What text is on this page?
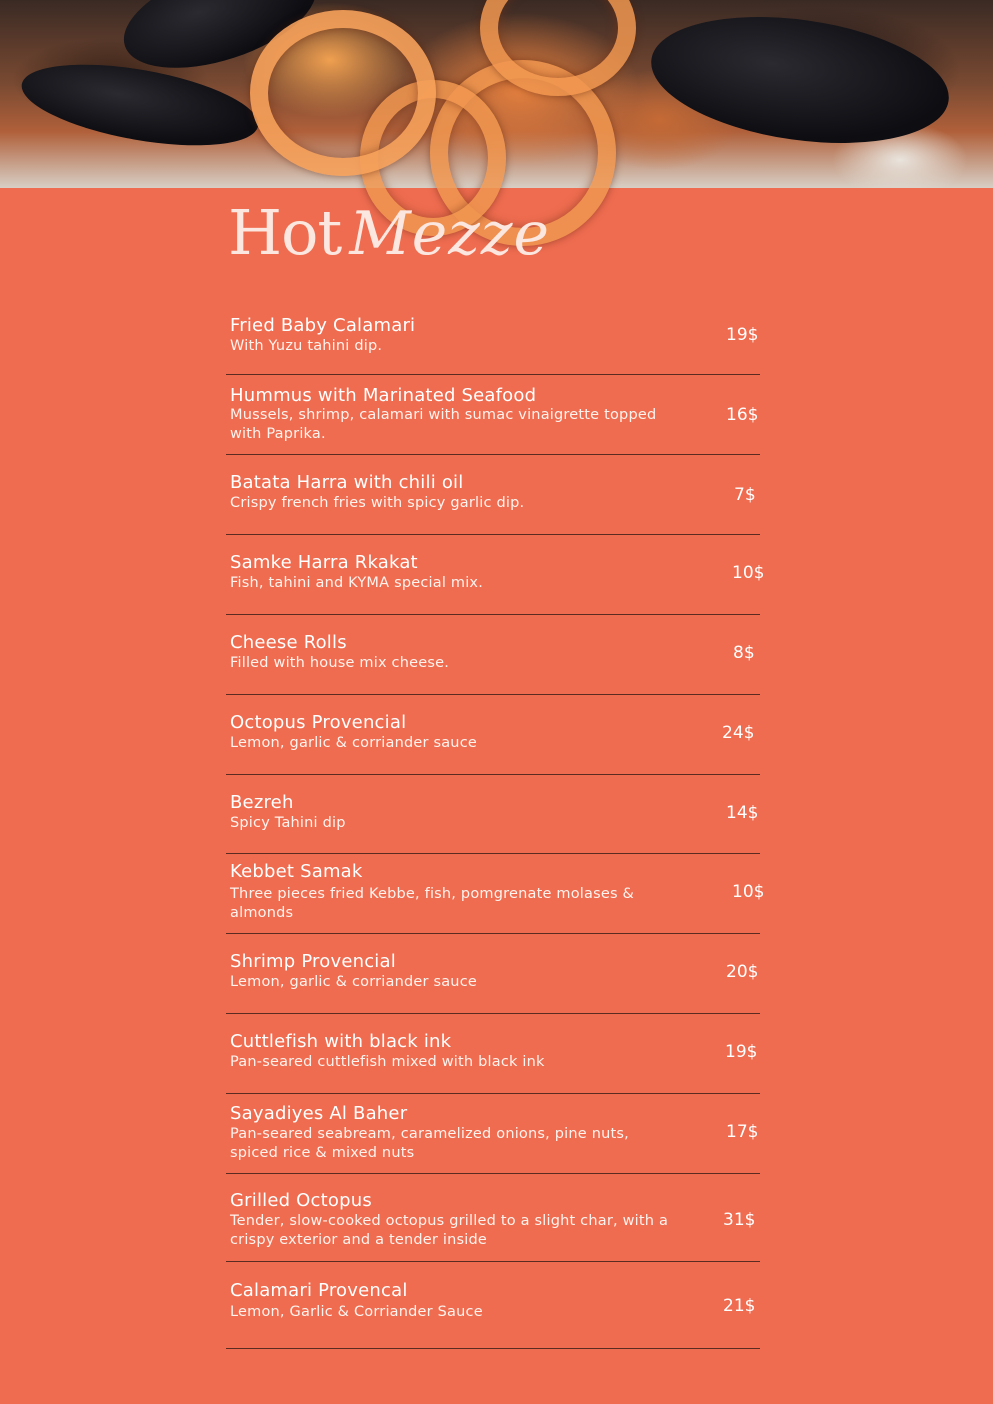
Hot Mezze
Fried Baby Calamari
With Yuzu tahini dip.
19$
Hummus with Marinated Seafood
Mussels, shrimp, calamari with sumac vinaigrette topped with Paprika.
16$
Batata Harra with chili oil
Crispy french fries with spicy garlic dip.	7$
Samke Harra Rkakat
Fish, tahini and KYMA special mix.	10$
Cheese Rolls
Filled with house mix cheese.	8$
Octopus Provencial
Lemon, garlic & corriander sauce	24$
Bezreh
Spicy Tahini dip	14$
Kebbet Samak
Three pieces fried Kebbe, fish, pomgrenate molases & almonds
10$
Shrimp Provencial
Lemon, garlic & corriander sauce	20$
Cuttlefish with black ink
Pan-seared cuttlefish mixed with black ink	19$
Sayadiyes Al Baher
Pan-seared seabream, caramelized onions, pine nuts, spiced rice & mixed nuts
17$
Grilled Octopus
Tender, slow-cooked octopus grilled to a slight char, with a crispy exterior and a tender inside
31$
Calamari Provencal
Lemon, Garlic & Corriander Sauce	21$
